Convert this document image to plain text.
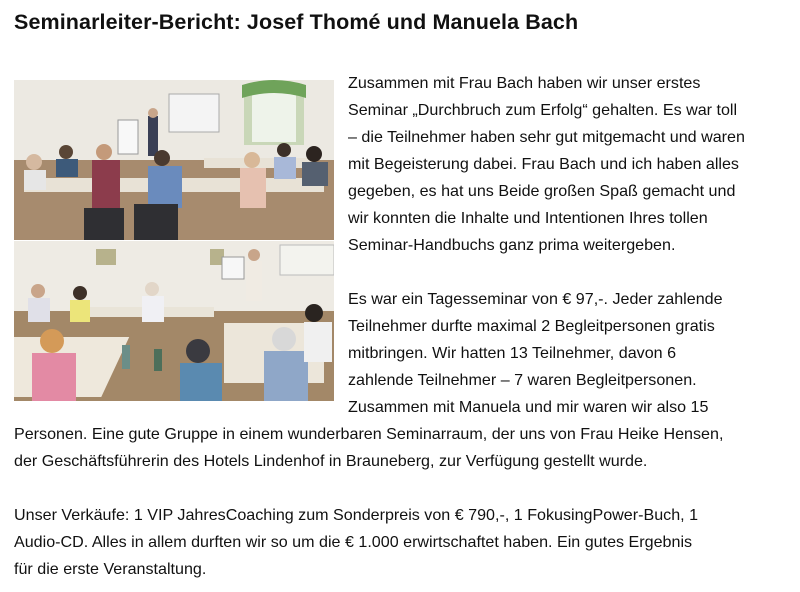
Seminarleiter-Bericht: Josef Thomé und Manuela Bach
Zusammen mit Frau Bach haben wir unser erstes
Seminar „Durchbruch zum Erfolg“ gehalten. Es war toll
– die Teilnehmer haben sehr gut mitgemacht und waren
mit Begeisterung dabei. Frau Bach und ich haben alles
gegeben, es hat uns Beide großen Spaß gemacht und
wir konnten die Inhalte und Intentionen Ihres tollen
Seminar-Handbuchs ganz prima weitergeben.
Es war ein Tagesseminar von € 97,-. Jeder zahlende
Teilnehmer durfte maximal 2 Begleitpersonen gratis
mitbringen. Wir hatten 13 Teilnehmer, davon 6
zahlende Teilnehmer – 7 waren Begleitpersonen.
Zusammen mit Manuela und mir waren wir also 15
Personen. Eine gute Gruppe in einem wunderbaren Seminarraum, der uns von Frau Heike Hensen,
der Geschäftsführerin des Hotels Lindenhof in Brauneberg, zur Verfügung gestellt wurde.
Unser Verkäufe: 1 VIP JahresCoaching zum Sonderpreis von € 790,-, 1 FokusingPower-Buch, 1
Audio-CD. Alles in allem durften wir so um die € 1.000 erwirtschaftet haben. Ein gutes Ergebnis
für die erste Veranstaltung.
